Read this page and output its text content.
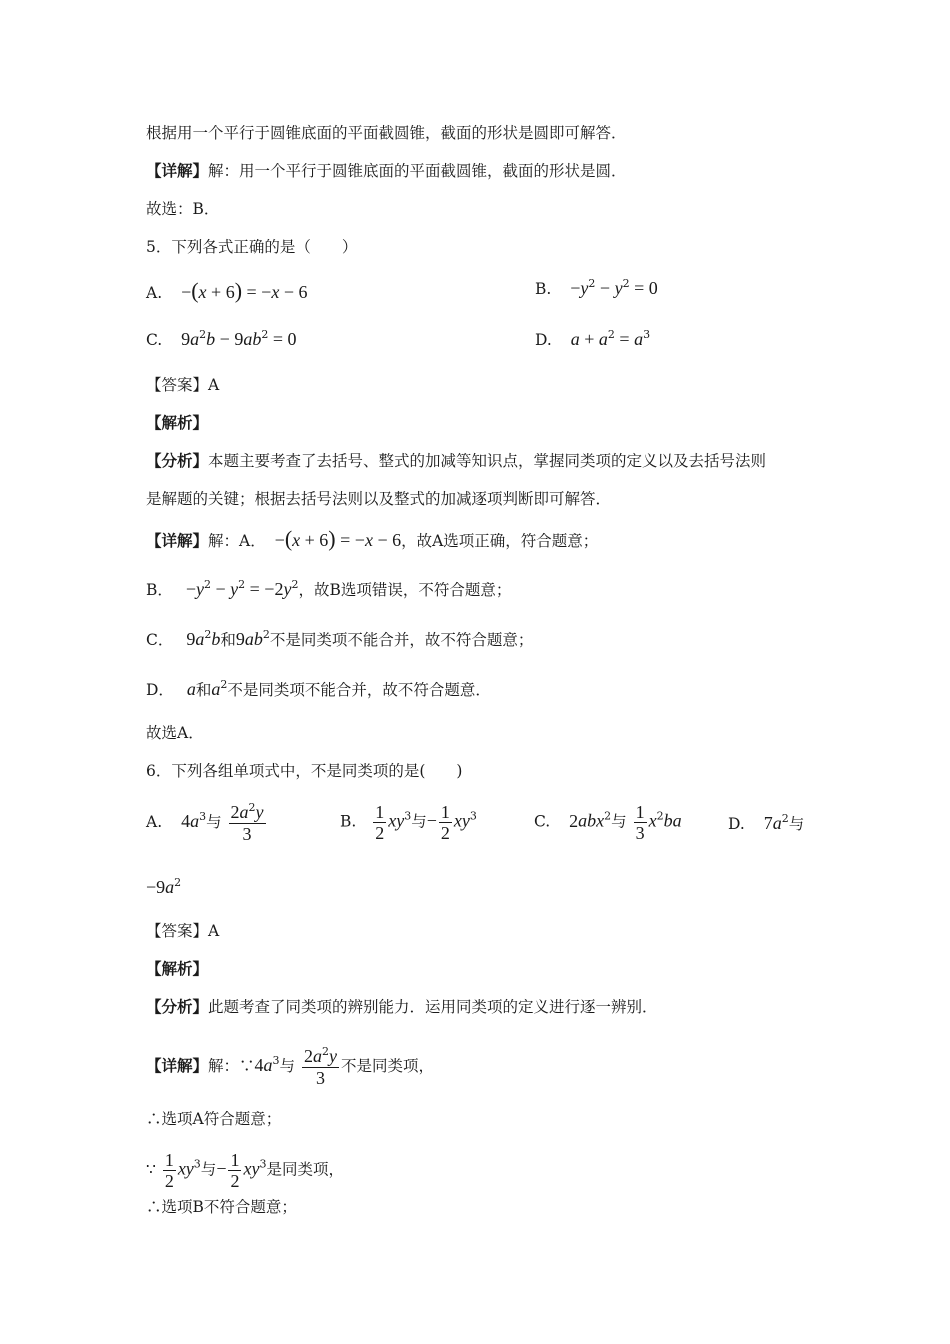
根据用一个平行于圆锥底面的平面截圆锥，截面的形状是圆即可解答．
【详解】解：用一个平行于圆锥底面的平面截圆锥，截面的形状是圆．
故选：B．
5．下列各式正确的是（　　）
A. −(x + 6) = −x − 6	B. $-y^2 - y^2 = 0$
C. $9a^2b - 9ab^2 = 0$	D. $a + a^2 = a^3$
【答案】A
【解析】
【分析】本题主要考查了去括号、整式的加减等知识点，掌握同类项的定义以及去括号法则
是解题的关键；根据去括号法则以及整式的加减逐项判断即可解答．
【详解】解：A． −(x + 6) = −x − 6，故A选项正确，符合题意；
B． $-y^2 - y^2 = -2y^2$，故B选项错误，不符合题意；
C． $9a^2b$和$9ab^2$不是同类项不能合并，故不符合题意；
D． a和$a^2$不是同类项不能合并，故不符合题意．
故选A．
6．下列各组单项式中，不是同类项的是(　　)
A. $4a^3$与 $\frac{2a^2y}{3}$	B. $\frac{1}{2} xy^3$与− $\frac{1}{2} xy^3$	C. 2abx$^2$与 $\frac{1}{3} x^2ba$	D. $7a^2$与
$-9a^2$
【答案】A
【解析】
【分析】此题考查了同类项的辨别能力．运用同类项的定义进行逐一辨别．
【详解】解：$\because 4a^3$与 $\frac{2a^2y}{3}$ 不是同类项，
∴选项A符合题意；
∵ $\frac{1}{2} xy^3$与− $\frac{1}{2} xy^3$是同类项，
∴选项B不符合题意；
